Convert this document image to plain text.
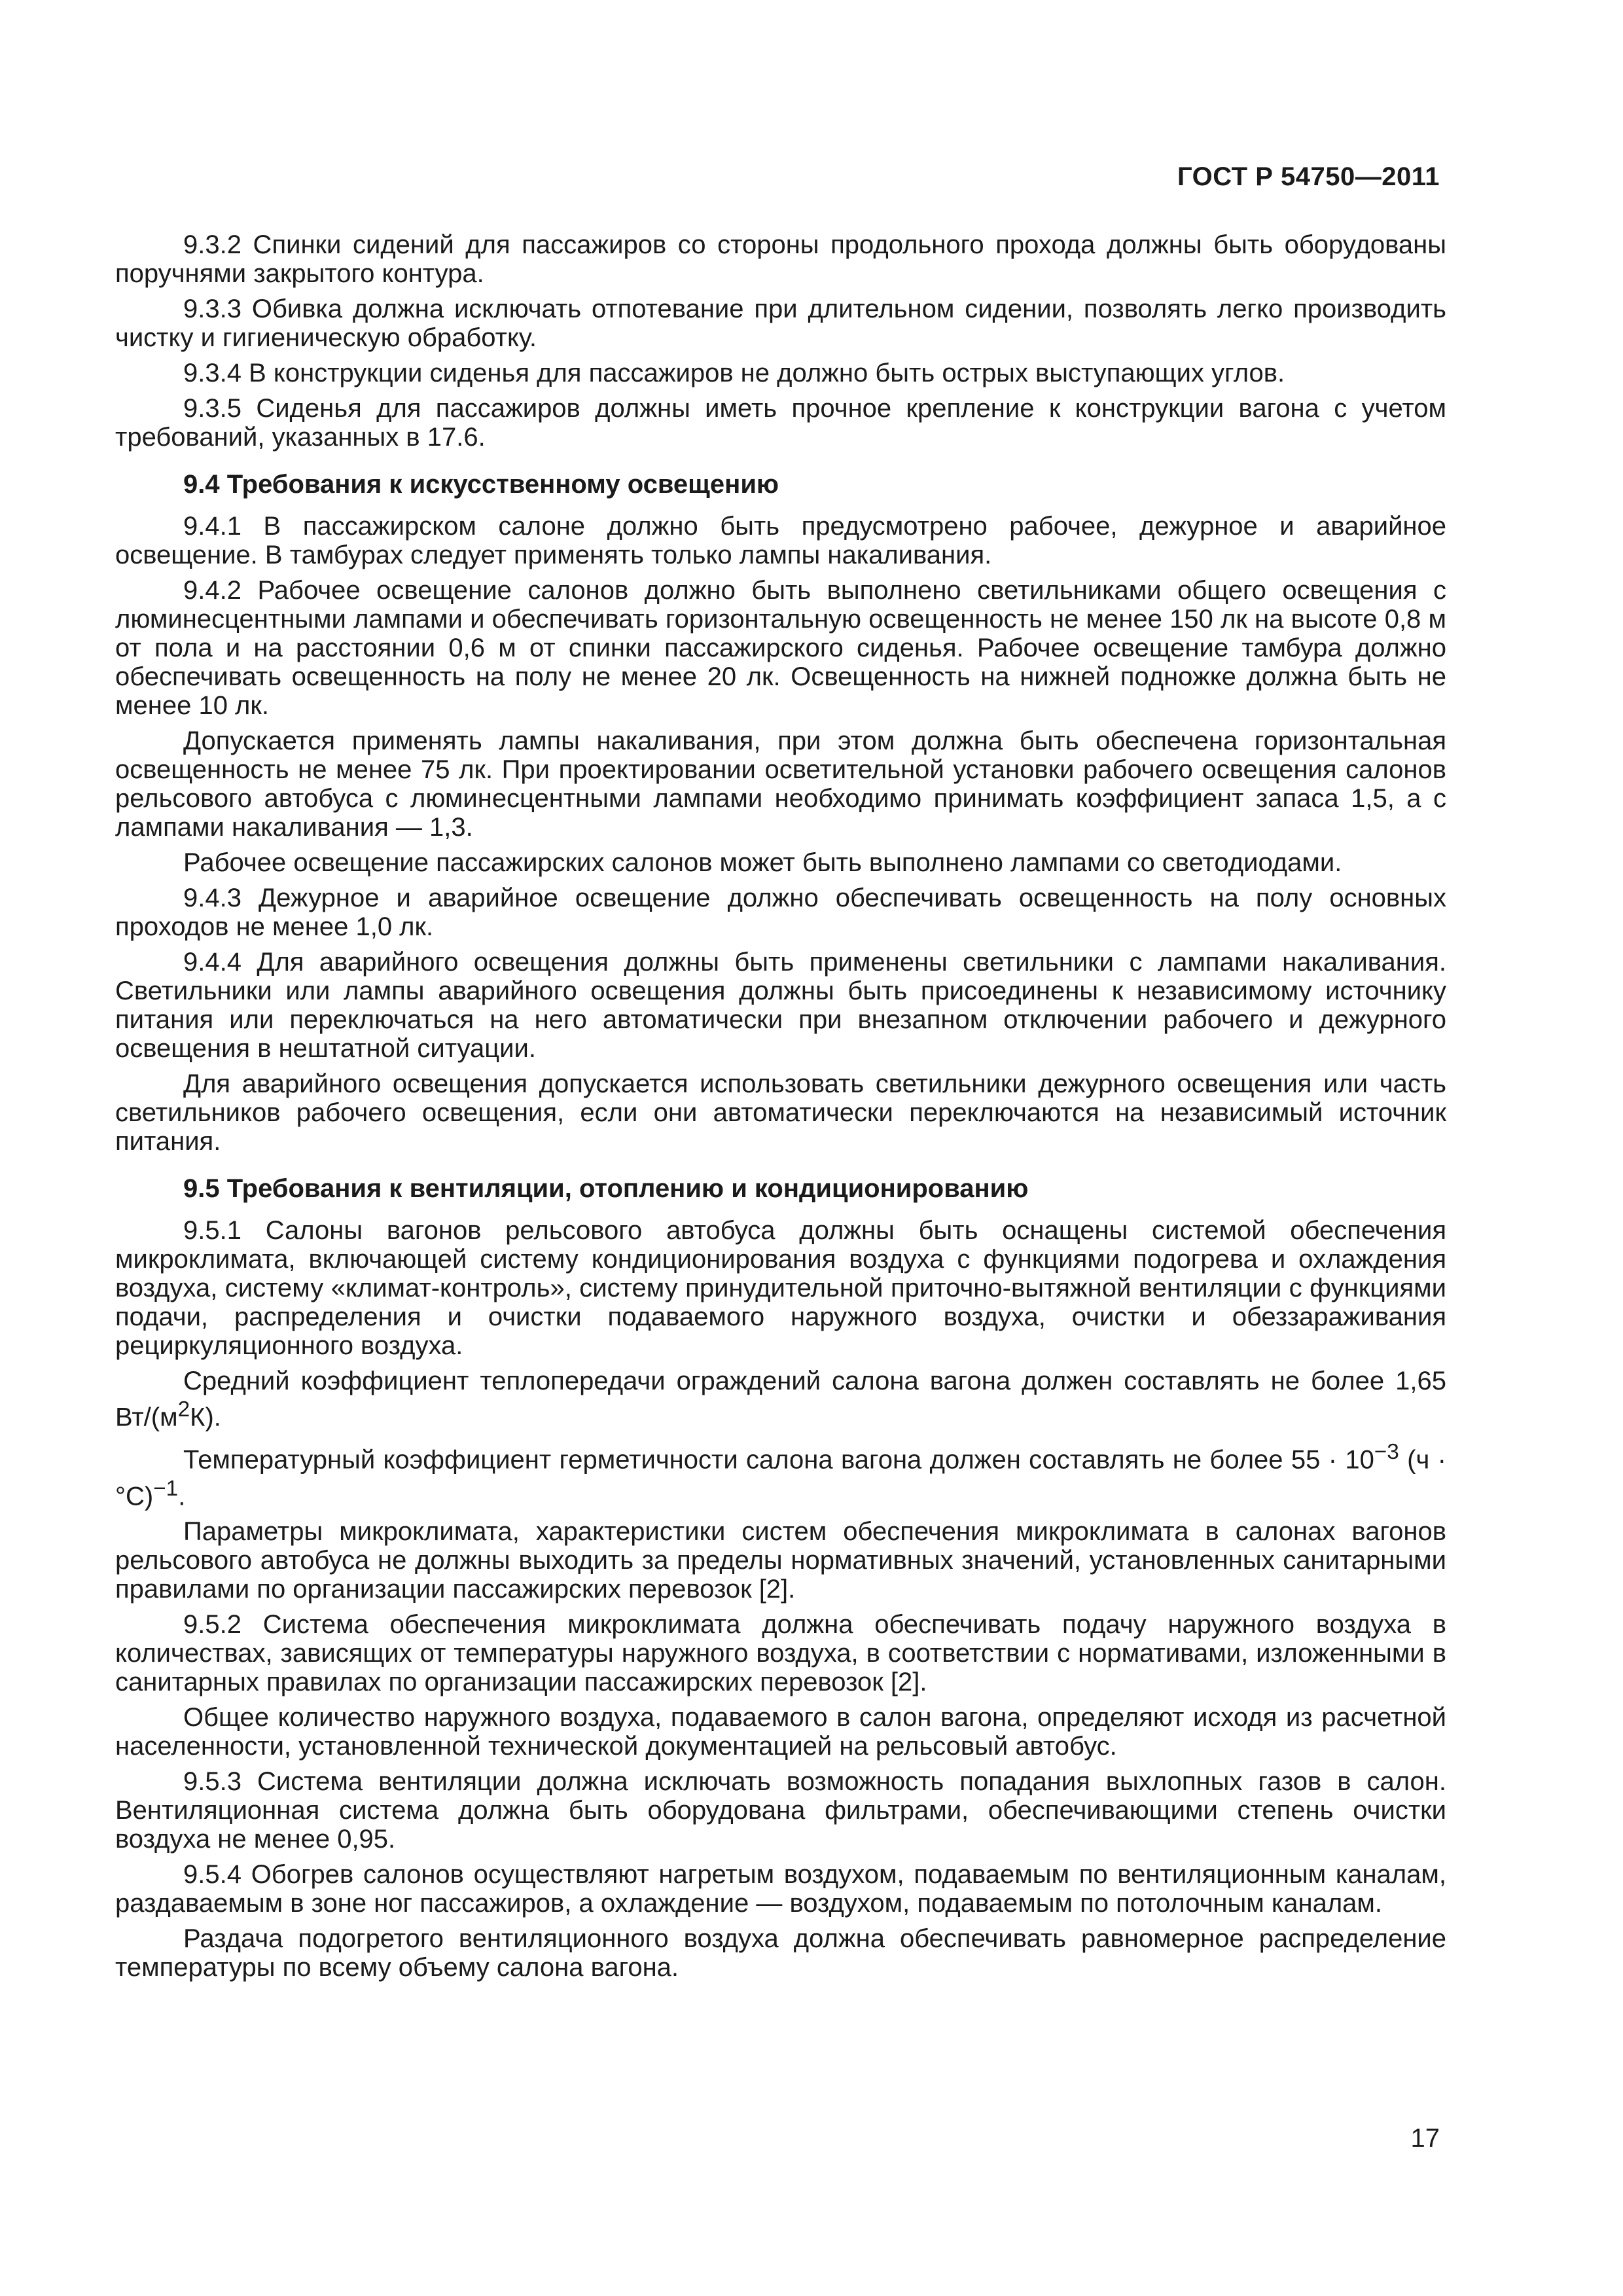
ГОСТ Р 54750—2011

9.3.2 Спинки сидений для пассажиров со стороны продольного прохода должны быть оборудованы поручнями закрытого контура.

9.3.3 Обивка должна исключать отпотевание при длительном сидении, позволять легко производить чистку и гигиеническую обработку.

9.3.4 В конструкции сиденья для пассажиров не должно быть острых выступающих углов.

9.3.5 Сиденья для пассажиров должны иметь прочное крепление к конструкции вагона с учетом требований, указанных в 17.6.

9.4 Требования к искусственному освещению

9.4.1 В пассажирском салоне должно быть предусмотрено рабочее, дежурное и аварийное освещение. В тамбурах следует применять только лампы накаливания.

9.4.2 Рабочее освещение салонов должно быть выполнено светильниками общего освещения с люминесцентными лампами и обеспечивать горизонтальную освещенность не менее 150 лк на высоте 0,8 м от пола и на расстоянии 0,6 м от спинки пассажирского сиденья. Рабочее освещение тамбура должно обеспечивать освещенность на полу не менее 20 лк. Освещенность на нижней подножке должна быть не менее 10 лк.

Допускается применять лампы накаливания, при этом должна быть обеспечена горизонтальная освещенность не менее 75 лк. При проектировании осветительной установки рабочего освещения салонов рельсового автобуса с люминесцентными лампами необходимо принимать коэффициент запаса 1,5, а с лампами накаливания — 1,3.

Рабочее освещение пассажирских салонов может быть выполнено лампами со светодиодами.

9.4.3 Дежурное и аварийное освещение должно обеспечивать освещенность на полу основных проходов не менее 1,0 лк.

9.4.4 Для аварийного освещения должны быть применены светильники с лампами накаливания. Светильники или лампы аварийного освещения должны быть присоединены к независимому источнику питания или переключаться на него автоматически при внезапном отключении рабочего и дежурного освещения в нештатной ситуации.

Для аварийного освещения допускается использовать светильники дежурного освещения или часть светильников рабочего освещения, если они автоматически переключаются на независимый источник питания.

9.5 Требования к вентиляции, отоплению и кондиционированию

9.5.1 Салоны вагонов рельсового автобуса должны быть оснащены системой обеспечения микроклимата, включающей систему кондиционирования воздуха с функциями подогрева и охлаждения воздуха, систему «климат-контроль», систему принудительной приточно-вытяжной вентиляции с функциями подачи, распределения и очистки подаваемого наружного воздуха, очистки и обеззараживания рециркуляционного воздуха.

Средний коэффициент теплопередачи ограждений салона вагона должен составлять не более 1,65 $Вт/(м^2К)$.

Температурный коэффициент герметичности салона вагона должен составлять не более $55 \cdot 10^{-3}$ $(ч \cdot ^\circ С)^{-1}$.

Параметры микроклимата, характеристики систем обеспечения микроклимата в салонах вагонов рельсового автобуса не должны выходить за пределы нормативных значений, установленных санитарными правилами по организации пассажирских перевозок [2].

9.5.2 Система обеспечения микроклимата должна обеспечивать подачу наружного воздуха в количествах, зависящих от температуры наружного воздуха, в соответствии с нормативами, изложенными в санитарных правилах по организации пассажирских перевозок [2].

Общее количество наружного воздуха, подаваемого в салон вагона, определяют исходя из расчетной населенности, установленной технической документацией на рельсовый автобус.

9.5.3 Система вентиляции должна исключать возможность попадания выхлопных газов в салон. Вентиляционная система должна быть оборудована фильтрами, обеспечивающими степень очистки воздуха не менее 0,95.

9.5.4 Обогрев салонов осуществляют нагретым воздухом, подаваемым по вентиляционным каналам, раздаваемым в зоне ног пассажиров, а охлаждение — воздухом, подаваемым по потолочным каналам.

Раздача подогретого вентиляционного воздуха должна обеспечивать равномерное распределение температуры по всему объему салона вагона.

17
